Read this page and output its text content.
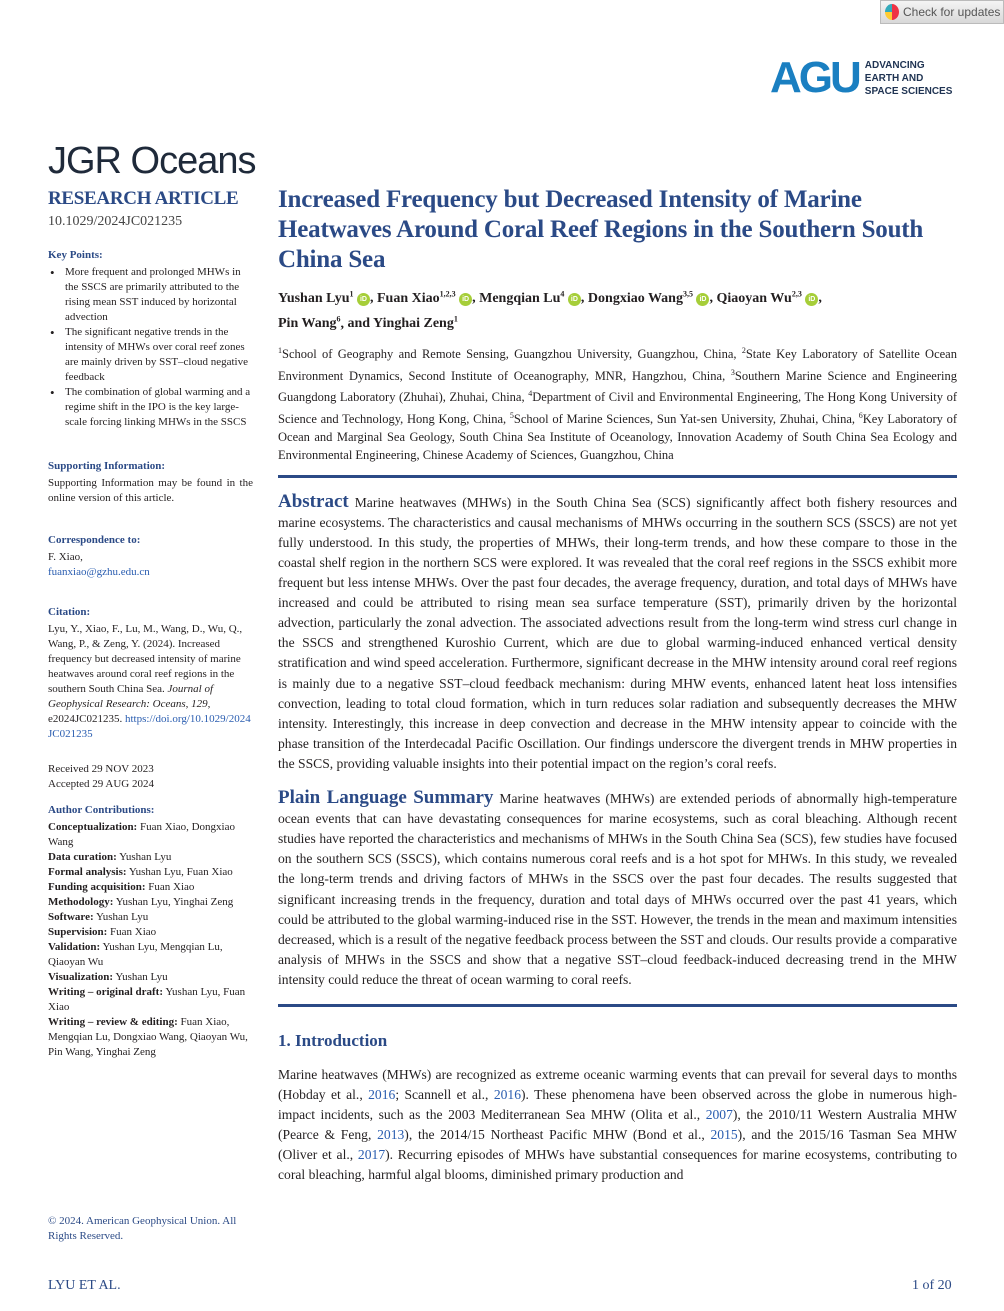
Check for updates
AGU ADVANCING
EARTH AND
SPACE SCIENCES
JGR Oceans
RESEARCH ARTICLE
10.1029/2024JC021235
Key Points:
• More frequent and prolonged MHWs in the SSCS are primarily attributed to the rising mean SST induced by horizontal advection
• The significant negative trends in the intensity of MHWs over coral reef zones are mainly driven by SST–cloud negative feedback
• The combination of global warming and a regime shift in the IPO is the key large-scale forcing linking MHWs in the SSCS
Supporting Information:
Supporting Information may be found in the online version of this article.
Correspondence to:
F. Xiao,
fuanxiao@gzhu.edu.cn
Citation:
Lyu, Y., Xiao, F., Lu, M., Wang, D., Wu, Q., Wang, P., & Zeng, Y. (2024). Increased frequency but decreased intensity of marine heatwaves around coral reef regions in the southern South China Sea. Journal of Geophysical Research: Oceans, 129, e2024JC021235. https://doi.org/10.1029/2024JC021235
Received 29 NOV 2023
Accepted 29 AUG 2024
Author Contributions:
Conceptualization: Fuan Xiao, Dongxiao Wang
Data curation: Yushan Lyu
Formal analysis: Yushan Lyu, Fuan Xiao
Funding acquisition: Fuan Xiao
Methodology: Yushan Lyu, Yinghai Zeng
Software: Yushan Lyu
Supervision: Fuan Xiao
Validation: Yushan Lyu, Mengqian Lu, Qiaoyan Wu
Visualization: Yushan Lyu
Writing – original draft: Yushan Lyu, Fuan Xiao
Writing – review & editing: Fuan Xiao, Mengqian Lu, Dongxiao Wang, Qiaoyan Wu, Pin Wang, Yinghai Zeng
© 2024. American Geophysical Union. All Rights Reserved.
Increased Frequency but Decreased Intensity of Marine Heatwaves Around Coral Reef Regions in the Southern South China Sea
Yushan Lyu$^1$ iD , Fuan Xiao$^{1,2,3}$ iD , Mengqian Lu$^4$ iD , Dongxiao Wang$^{3,5}$ iD , Qiaoyan Wu$^{2,3}$ iD ,
Pin Wang$^6$, and Yinghai Zeng$^1$
$^1$School of Geography and Remote Sensing, Guangzhou University, Guangzhou, China, $^2$State Key Laboratory of Satellite Ocean Environment Dynamics, Second Institute of Oceanography, MNR, Hangzhou, China, $^3$Southern Marine Science and Engineering Guangdong Laboratory (Zhuhai), Zhuhai, China, $^4$Department of Civil and Environmental Engineering, The Hong Kong University of Science and Technology, Hong Kong, China, $^5$School of Marine Sciences, Sun Yat-sen University, Zhuhai, China, $^6$Key Laboratory of Ocean and Marginal Sea Geology, South China Sea Institute of Oceanology, Innovation Academy of South China Sea Ecology and Environmental Engineering, Chinese Academy of Sciences, Guangzhou, China

Abstract Marine heatwaves (MHWs) in the South China Sea (SCS) significantly affect both fishery resources and marine ecosystems. The characteristics and causal mechanisms of MHWs occurring in the southern SCS (SSCS) are not yet fully understood. In this study, the properties of MHWs, their long-term trends, and how these compare to those in the coastal shelf region in the northern SCS were explored. It was revealed that the coral reef regions in the SSCS exhibit more frequent but less intense MHWs. Over the past four decades, the average frequency, duration, and total days of MHWs have increased and could be attributed to rising mean sea surface temperature (SST), primarily driven by the horizontal advection, particularly the zonal advection. The associated advections result from the long-term wind stress curl change in the SSCS and strengthened Kuroshio Current, which are due to global warming-induced enhanced vertical density stratification and wind speed acceleration. Furthermore, significant decrease in the MHW intensity around coral reef regions is mainly due to a negative SST–cloud feedback mechanism: during MHW events, enhanced latent heat loss intensifies convection, leading to total cloud formation, which in turn reduces solar radiation and subsequently decreases the MHW intensity. Interestingly, this increase in deep convection and decrease in the MHW intensity appear to coincide with the phase transition of the Interdecadal Pacific Oscillation. Our findings underscore the divergent trends in MHW properties in the SSCS, providing valuable insights into their potential impact on the region’s coral reefs.

Plain Language Summary Marine heatwaves (MHWs) are extended periods of abnormally high-temperature ocean events that can have devastating consequences for marine ecosystems, such as coral bleaching. Although recent studies have reported the characteristics and mechanisms of MHWs in the South China Sea (SCS), few studies have focused on the southern SCS (SSCS), which contains numerous coral reefs and is a hot spot for MHWs. In this study, we revealed the long-term trends and driving factors of MHWs in the SSCS over the past four decades. The results suggested that significant increasing trends in the frequency, duration and total days of MHWs occurred over the past 41 years, which could be attributed to the global warming-induced rise in the SST. However, the trends in the mean and maximum intensities decreased, which is a result of the negative feedback process between the SST and clouds. Our results provide a comparative analysis of MHWs in the SSCS and show that a negative SST–cloud feedback-induced decreasing trend in the MHW intensity could reduce the threat of ocean warming to coral reefs.

1. Introduction

Marine heatwaves (MHWs) are recognized as extreme oceanic warming events that can prevail for several days to months (Hobday et al., 2016; Scannell et al., 2016). These phenomena have been observed across the globe in numerous high-impact incidents, such as the 2003 Mediterranean Sea MHW (Olita et al., 2007), the 2010/11 Western Australia MHW (Pearce & Feng, 2013), the 2014/15 Northeast Pacific MHW (Bond et al., 2015), and the 2015/16 Tasman Sea MHW (Oliver et al., 2017). Recurring episodes of MHWs have substantial consequences for marine ecosystems, contributing to coral bleaching, harmful algal blooms, diminished primary production and

LYU ET AL.	1 of 20
